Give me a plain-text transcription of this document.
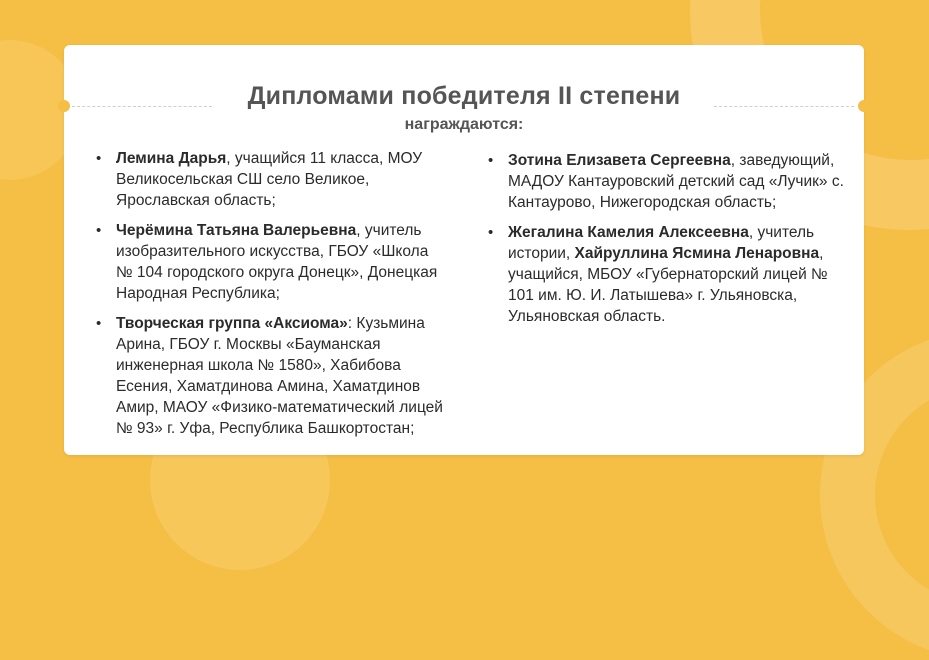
Дипломами победителя II степени
награждаются:
• Лемина Дарья, учащийся 11 класса, МОУ Великосельская СШ село Великое, Ярославская область;
• Черёмина Татьяна Валерьевна, учитель изобразительного искусства, ГБОУ «Школа № 104 городского округа Донецк», Донецкая Народная Республика;
• Творческая группа «Аксиома»: Кузьмина Арина, ГБОУ г. Москвы «Бауманская инженерная школа № 1580», Хабибова Есения, Хаматдинова Амина, Хаматдинов Амир, МАОУ «Физико-математический лицей № 93» г. Уфа, Республика Башкортостан;
• Зотина Елизавета Сергеевна, заведующий, МАДОУ Кантауровский детский сад «Лучик» с. Кантаурово, Нижегородская область;
• Жегалина Камелия Алексеевна, учитель истории, Хайруллина Ясмина Ленаровна, учащийся, МБОУ «Губернаторский лицей № 101 им. Ю. И. Латышева» г. Ульяновска, Ульяновская область.
